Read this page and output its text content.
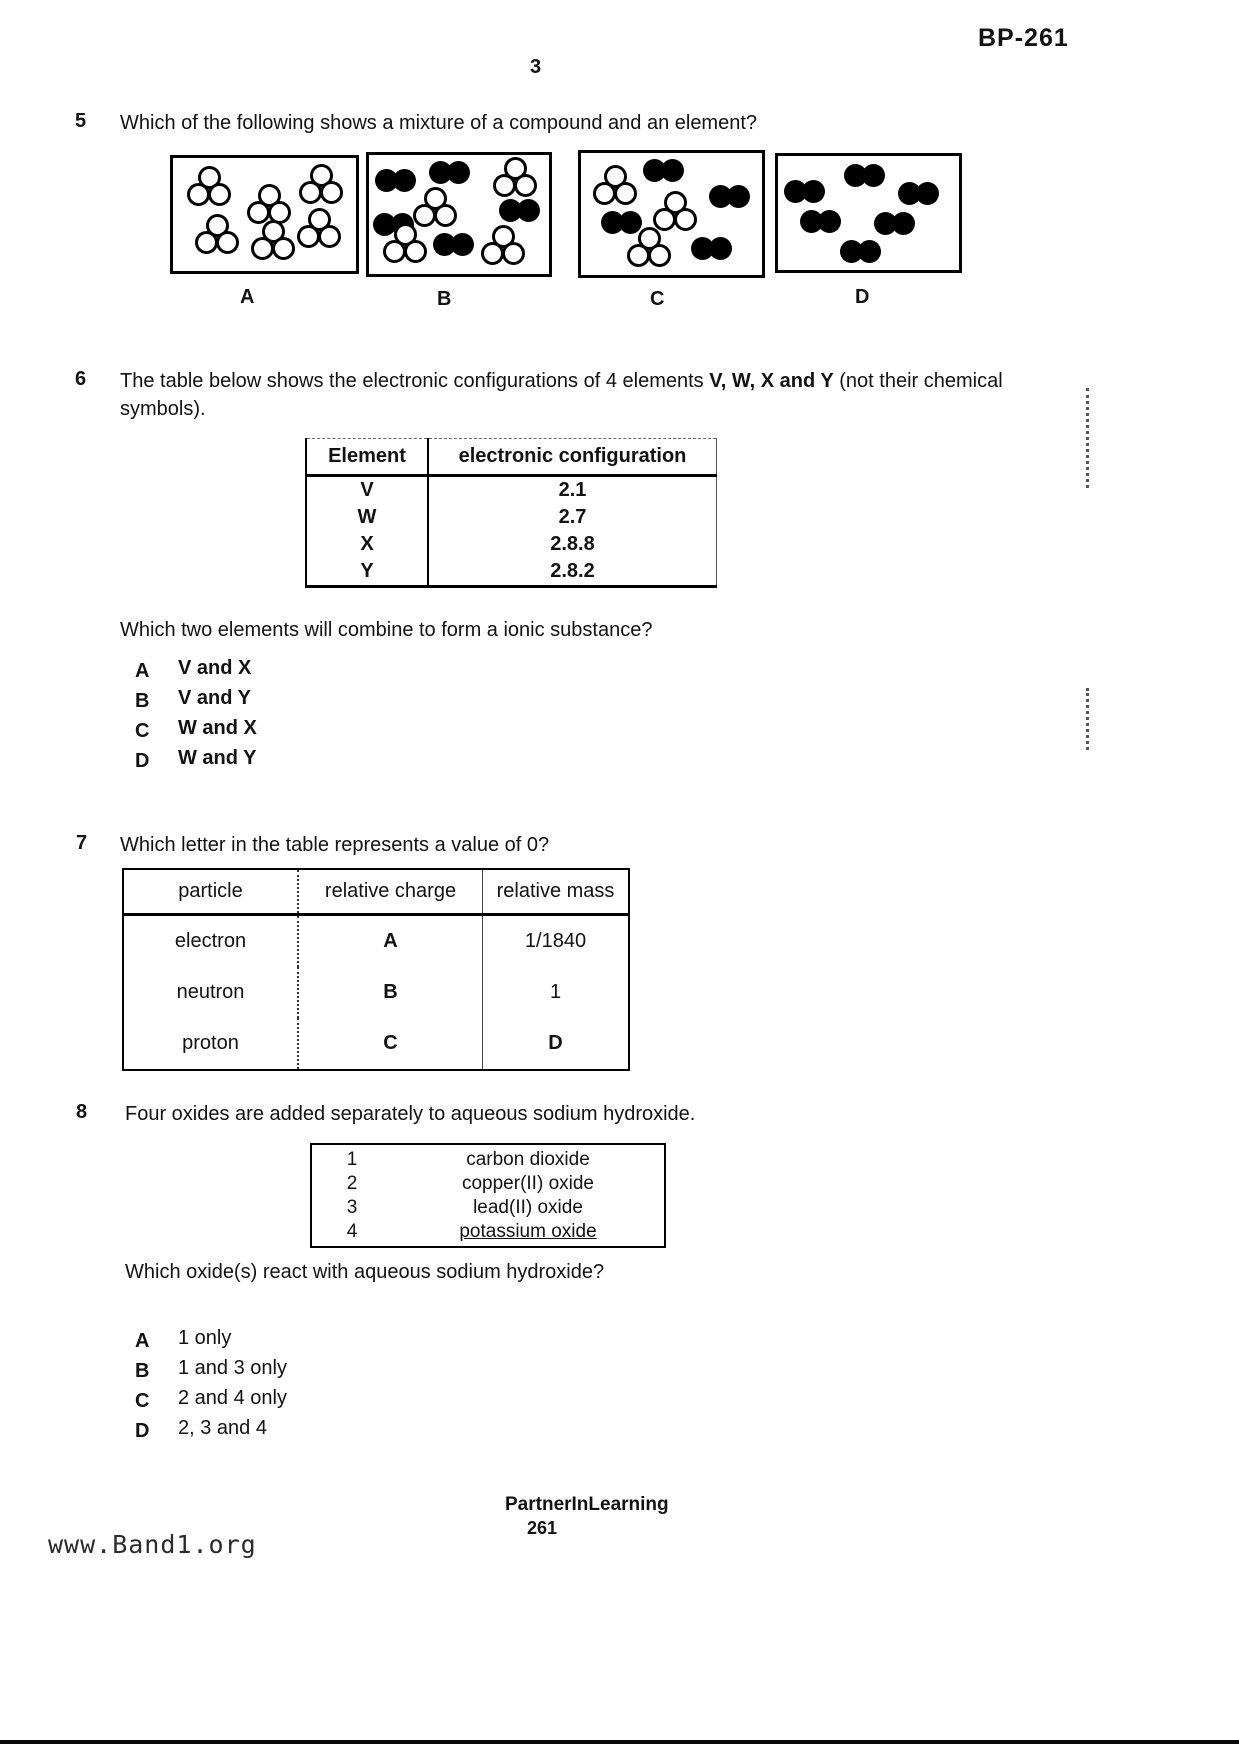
BP-261
3
5 Which of the following shows a mixture of a compound and an element?
A	B	C	D
6 The table below shows the electronic configurations of 4 elements V, W, X and Y (not their chemical symbols).
Element	electronic configuration
V	2.1
W	2.7
X	2.8.8
Y	2.8.2
Which two elements will combine to form a ionic substance?
A V and X
B V and Y
C W and X
D W and Y
7 Which letter in the table represents a value of 0?
particle	relative charge	relative mass
electron	A	1/1840
neutron	B	1
proton	C	D
8 Four oxides are added separately to aqueous sodium hydroxide.
1	carbon dioxide
2	copper(II) oxide
3	lead(II) oxide
4	potassium oxide
Which oxide(s) react with aqueous sodium hydroxide?
A 1 only
B 1 and 3 only
C 2 and 4 only
D 2, 3 and 4
PartnerInLearning
261
www.Band1.org
